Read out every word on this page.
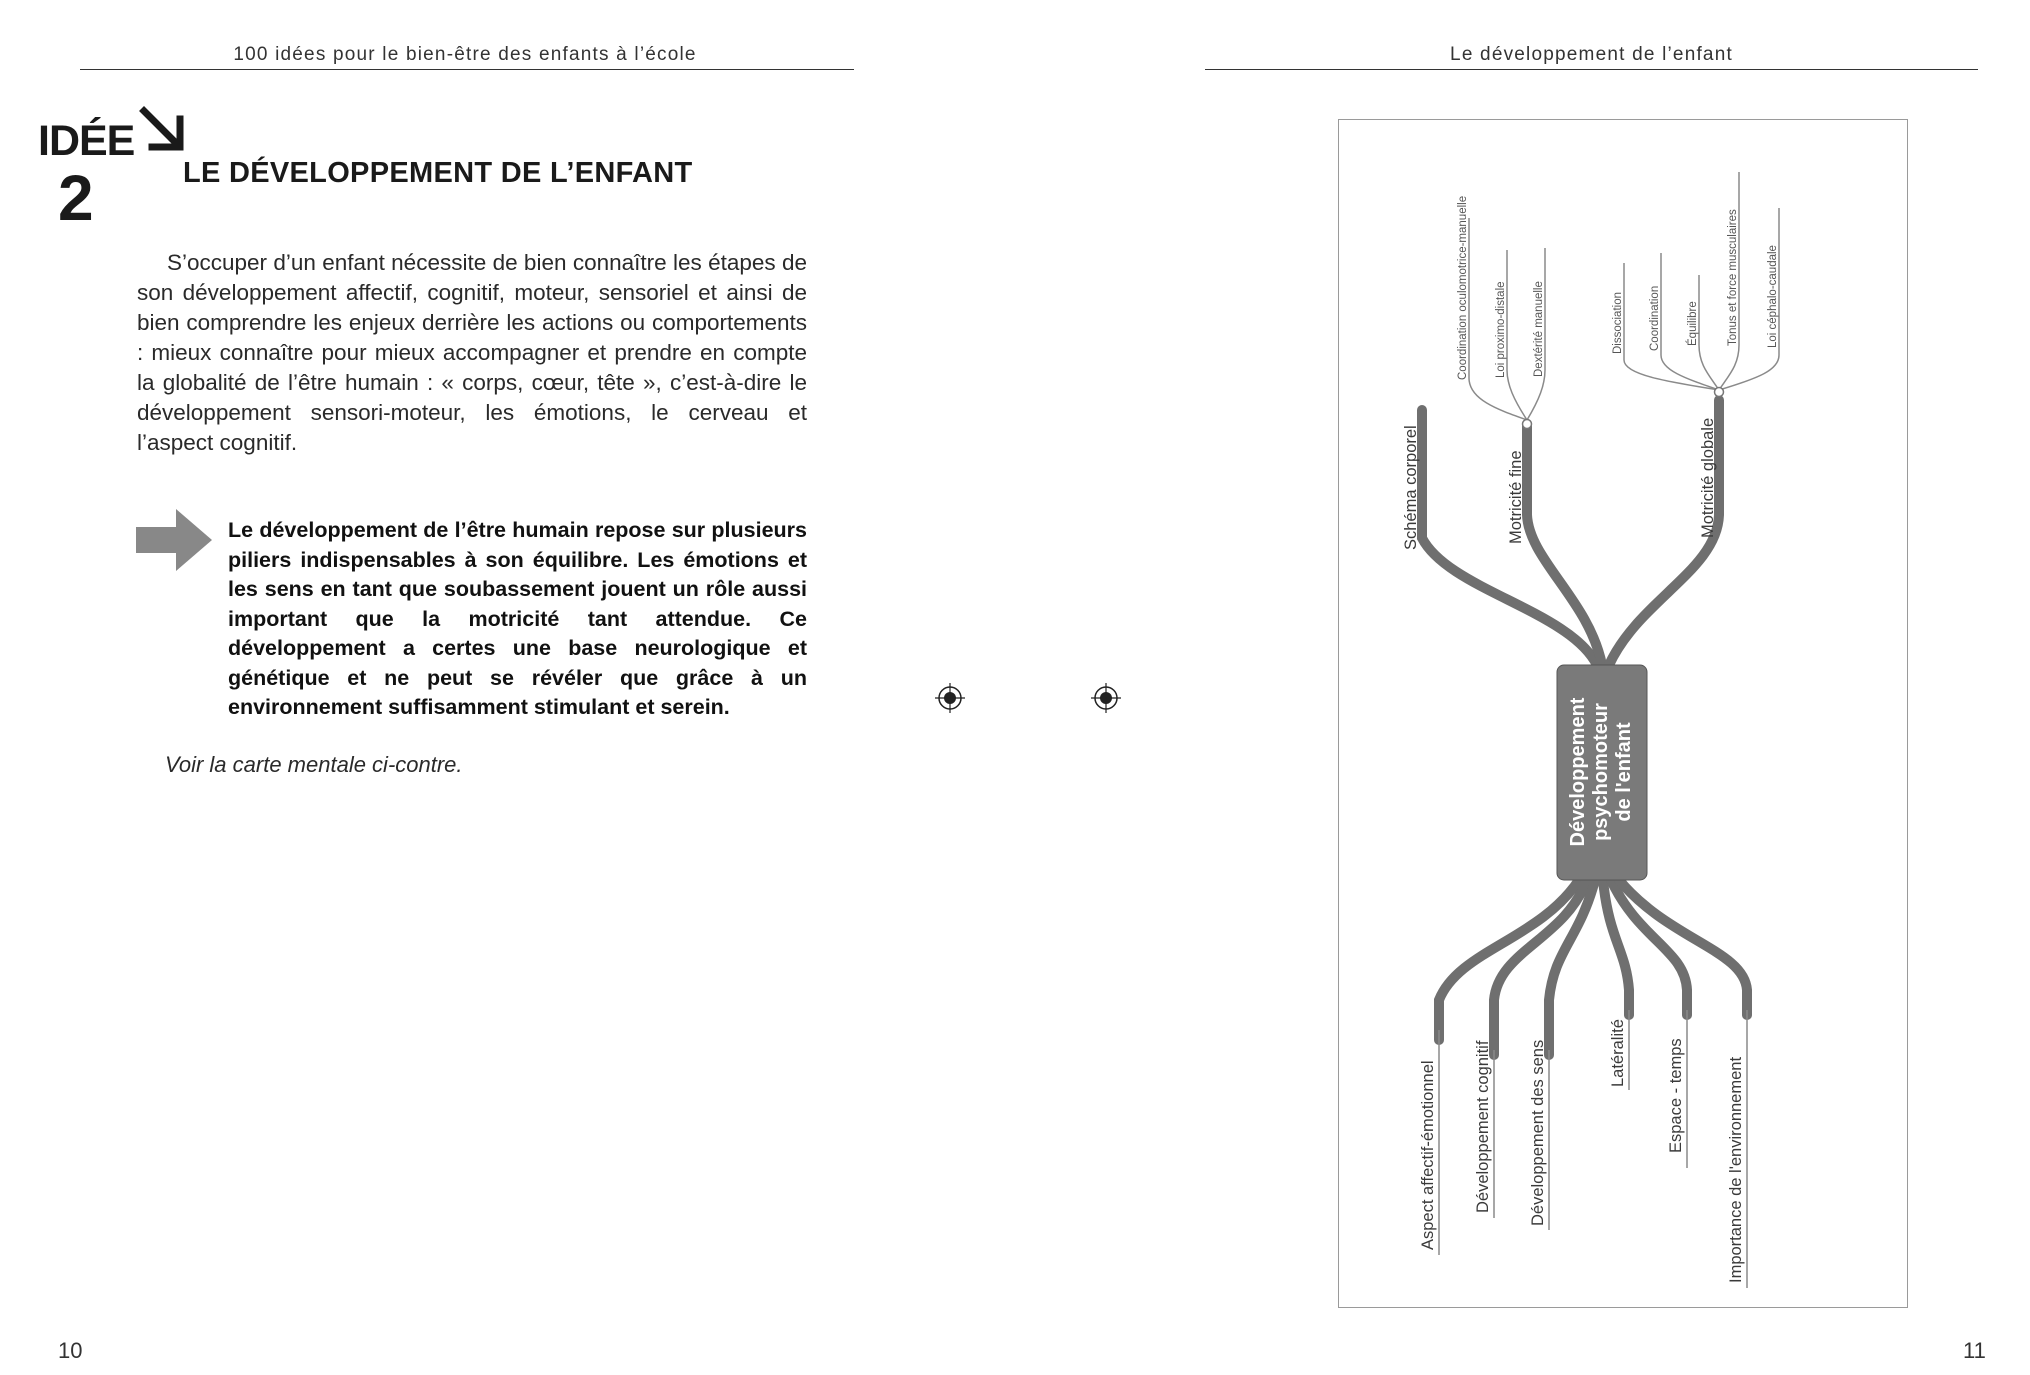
100 idées pour le bien-être des enfants à l’école
IDÉE
2	LE DÉVELOPPEMENT DE L’ENFANT

S’occuper d’un enfant nécessite de bien connaître les étapes de son développement affectif, cognitif, moteur, sensoriel et ainsi de bien comprendre les enjeux derrière les actions ou comportements : mieux connaître pour mieux accompagner et prendre en compte la globalité de l’être humain : « corps, cœur, tête », c’est-à-dire le développement sensori-moteur, les émotions, le cerveau et l’aspect cognitif.

Le développement de l’être humain repose sur plusieurs piliers indispensables à son équilibre. Les émotions et les sens en tant que soubassement jouent un rôle aussi important que la motricité tant attendue. Ce développement a certes une base neurologique et génétique et ne peut se révéler que grâce à un environnement suffisamment stimulant et serein.

Voir la carte mentale ci-contre.
10
Le développement de l’enfant
Développement psychomoteur de l'enfant
Schéma corporel	Motricité fine	Motricité globale
Coordination oculomotrice-manuelle Loi proximo-distale Dextérité manuelle	Dissociation Coordination Équilibre Tonus et force musculaires Loi céphalo-caudale
Aspect affectif-émotionnel Développement cognitif Développement des sens	Latéralité Espace - temps	Importance de l'environnement
11
